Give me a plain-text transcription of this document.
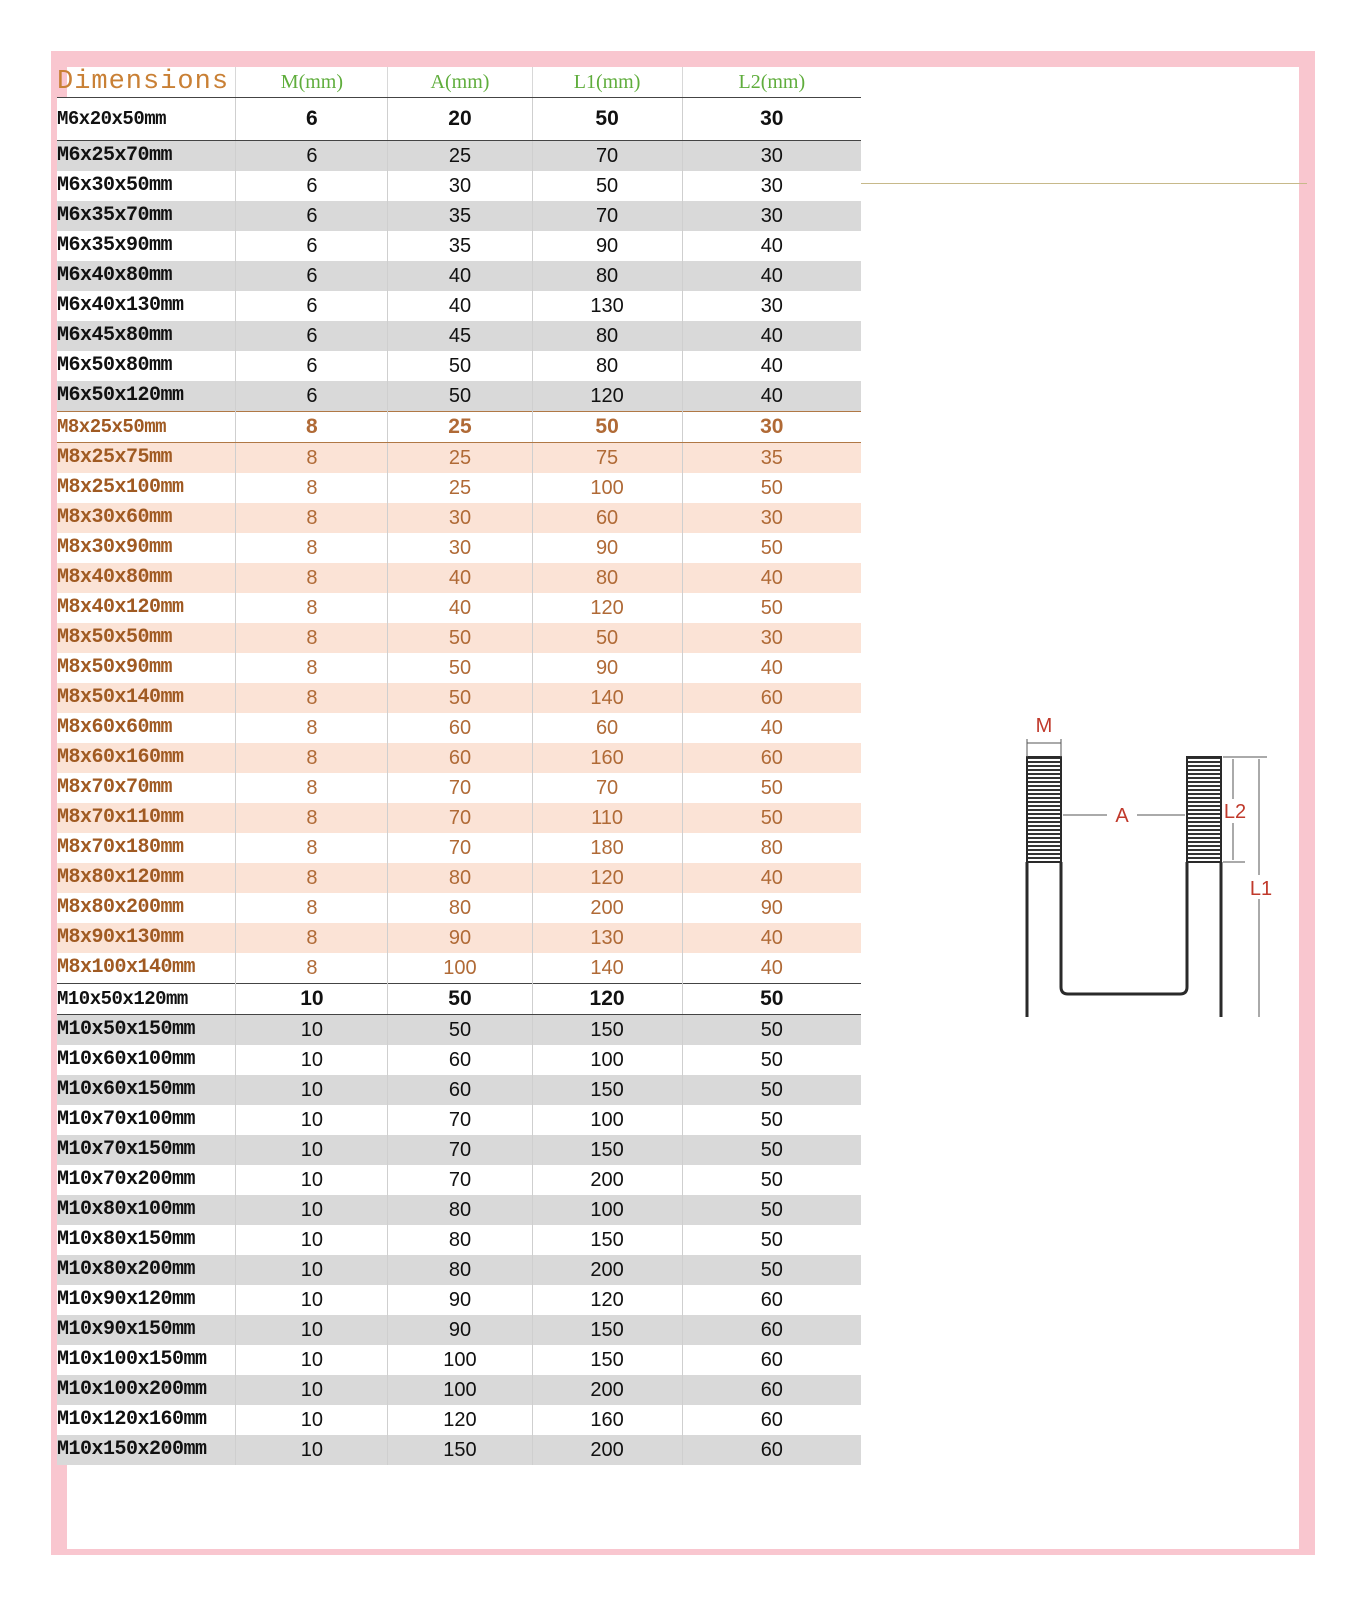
Dimensions	M(mm)	A(mm)	L1(mm)	L2(mm)
M6x20x50mm	6	20	50	30
M6x25x70mm	6	25	70	30
M6x30x50mm	6	30	50	30
M6x35x70mm	6	35	70	30
M6x35x90mm	6	35	90	40
M6x40x80mm	6	40	80	40
M6x40x130mm	6	40	130	30
M6x45x80mm	6	45	80	40
M6x50x80mm	6	50	80	40
M6x50x120mm	6	50	120	40
M8x25x50mm	8	25	50	30
M8x25x75mm	8	25	75	35
M8x25x100mm	8	25	100	50
M8x30x60mm	8	30	60	30
M8x30x90mm	8	30	90	50
M8x40x80mm	8	40	80	40
M8x40x120mm	8	40	120	50
M8x50x50mm	8	50	50	30
M8x50x90mm	8	50	90	40
M8x50x140mm	8	50	140	60
M8x60x60mm	8	60	60	40
M8x60x160mm	8	60	160	60
M8x70x70mm	8	70	70	50
M8x70x110mm	8	70	110	50
M8x70x180mm	8	70	180	80
M8x80x120mm	8	80	120	40
M8x80x200mm	8	80	200	90
M8x90x130mm	8	90	130	40
M8x100x140mm	8	100	140	40
M10x50x120mm	10	50	120	50
M10x50x150mm	10	50	150	50
M10x60x100mm	10	60	100	50
M10x60x150mm	10	60	150	50
M10x70x100mm	10	70	100	50
M10x70x150mm	10	70	150	50
M10x70x200mm	10	70	200	50
M10x80x100mm	10	80	100	50
M10x80x150mm	10	80	150	50
M10x80x200mm	10	80	200	50
M10x90x120mm	10	90	120	60
M10x90x150mm	10	90	150	60
M10x100x150mm	10	100	150	60
M10x100x200mm	10	100	200	60
M10x120x160mm	10	120	160	60
M10x150x200mm	10	150	200	60
M
A	L2
L1
